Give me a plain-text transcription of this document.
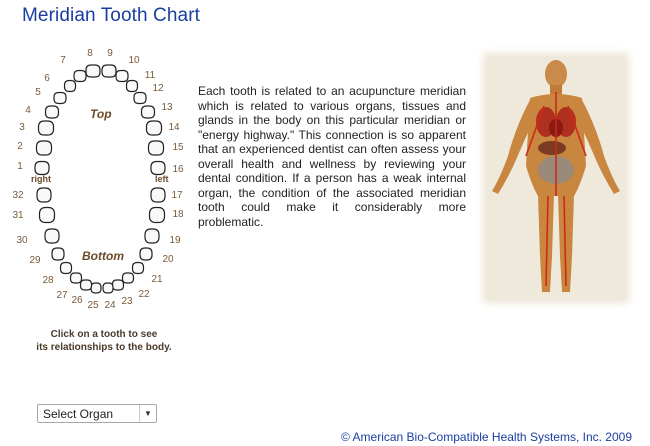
Meridian Tooth Chart
1
2
3
4
5
6
7
8 9
10
11
12
13
14
15
16
17
18
19
20
21
22
23
24
25
26
27
28
29
30
31
32
Top
Bottom
right	left
Click on a tooth to see
its relationships to the body.
Each tooth is related to an acupuncture meridian which is related to various organs, tissues and glands in the body on this particular meridian or "energy highway." This connection is so apparent that an experienced dentist can often assess your overall health and wellness by reviewing your dental condition. If a person has a weak internal organ, the condition of the associated meridian tooth could make it considerably more problematic.
Select Organ	▼
© American Bio-Compatible Health Systems, Inc. 2009
